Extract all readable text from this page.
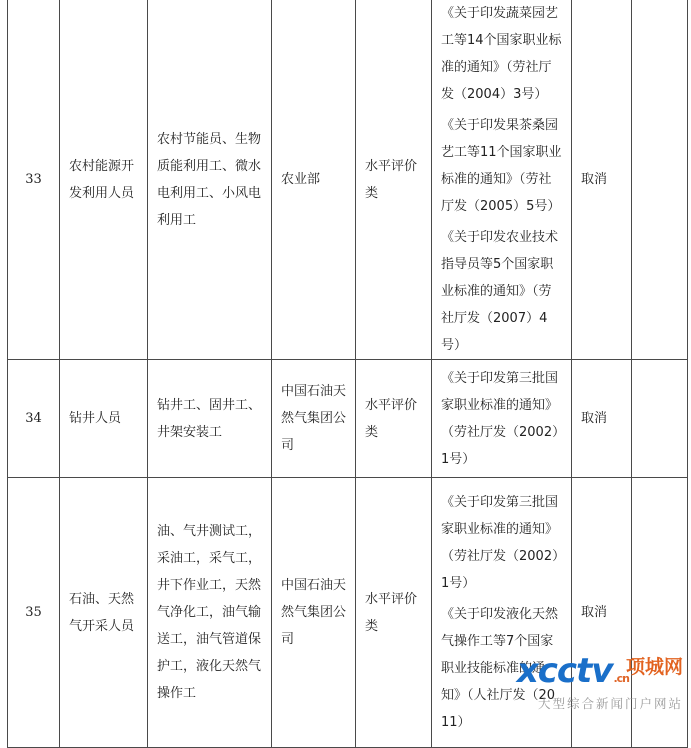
33	农村能源开发利用人员	农村节能员、生物质能利用工、微水电利用工、小风电利用工	农业部	水平评价类	《关于印发蔬菜园艺工等14个国家职业标准的通知》（劳社厅发（2004）3号）
《关于印发果茶桑园艺工等11个国家职业标准的通知》（劳社厅发（2005）5号）
《关于印发农业技术指导员等5个国家职业标准的通知》（劳社厅发（2007）4号）	取消	
34	钻井人员	钻井工、固井工、井架安装工	中国石油天然气集团公司	水平评价类	《关于印发第三批国家职业标准的通知》（劳社厅发（2002）1号）	取消	
35	石油、天然气开采人员	油、气井测试工，采油工，采气工，井下作业工，天然气净化工，油气输送工，油气管道保护工，液化天然气操作工	中国石油天然气集团公司	水平评价类	《关于印发第三批国家职业标准的通知》（劳社厅发（2002）1号）
《关于印发液化天然气操作工等7个国家职业技能标准的通知》（人社厅发（2011）	取消	
xcctv.cn
项城网
大型综合新闻门户网站
